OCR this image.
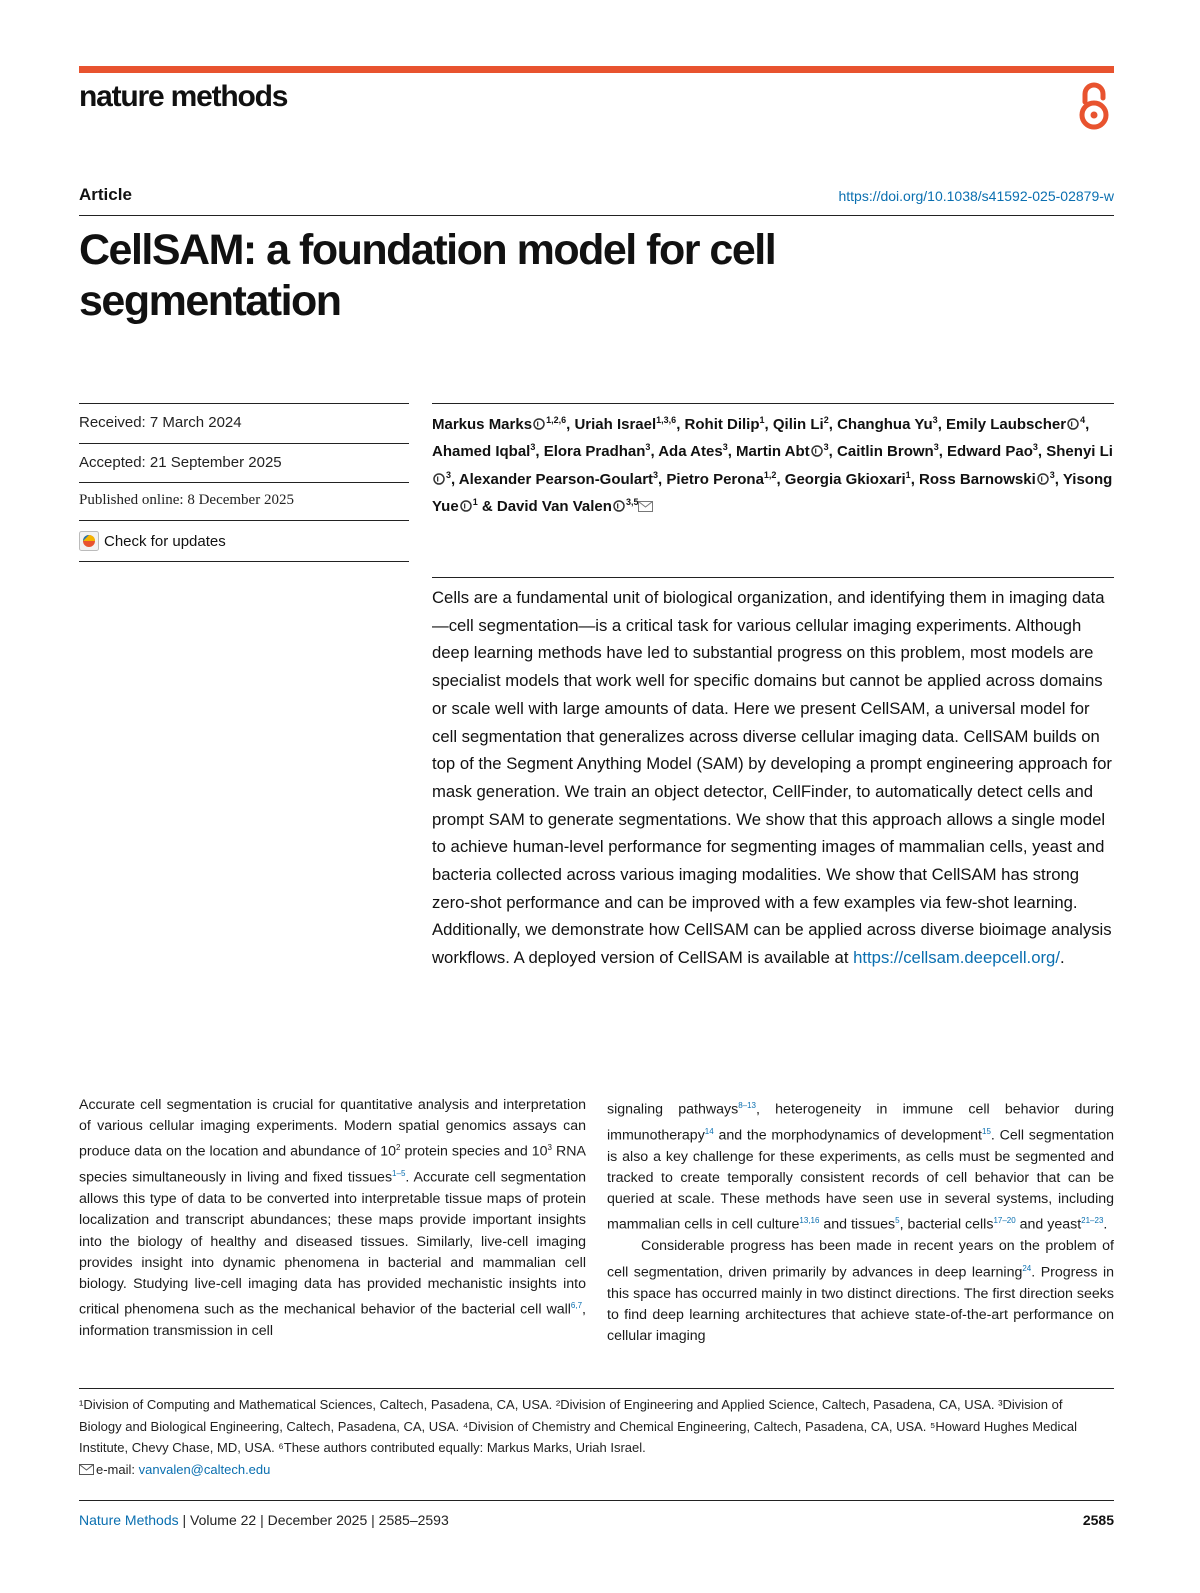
nature methods
Article	https://doi.org/10.1038/s41592-025-02879-w
CellSAM: a foundation model for cell
segmentation
Received: 7 March 2024
Accepted: 21 September 2025
Published online: 8 December 2025
Check for updates
Markus Marks $^{1,2,6}$, Uriah Israel$^{1,3,6}$, Rohit Dilip$^1$, Qilin Li$^2$, Changhua Yu$^3$, Emily Laubscher $^4$, Ahamed Iqbal$^3$, Elora Pradhan$^3$, Ada Ates$^3$, Martin Abt $^3$, Caitlin Brown$^3$, Edward Pao$^3$, Shenyi Li$^3$, Alexander Pearson-Goulart$^3$, Pietro Perona$^{1,2}$, Georgia Gkioxari$^1$, Ross Barnowski $^3$, Yisong Yue $^1$ & David Van Valen $^{3,5}$
Cells are a fundamental unit of biological organization, and identifying them in imaging data—cell segmentation—is a critical task for various cellular imaging experiments. Although deep learning methods have led to substantial progress on this problem, most models are specialist models that work well for specific domains but cannot be applied across domains or scale well with large amounts of data. Here we present CellSAM, a universal model for cell segmentation that generalizes across diverse cellular imaging data. CellSAM builds on top of the Segment Anything Model (SAM) by developing a prompt engineering approach for mask generation. We train an object detector, CellFinder, to automatically detect cells and prompt SAM to generate segmentations. We show that this approach allows a single model to achieve human-level performance for segmenting images of mammalian cells, yeast and bacteria collected across various imaging modalities. We show that CellSAM has strong zero-shot performance and can be improved with a few examples via few-shot learning. Additionally, we demonstrate how CellSAM can be applied across diverse bioimage analysis workflows. A deployed version of CellSAM is available at https://cellsam.deepcell.org/.

Accurate cell segmentation is crucial for quantitative analysis and interpretation of various cellular imaging experiments. Modern spatial genomics assays can produce data on the location and abundance of $10^2$ protein species and $10^3$ RNA species simultaneously in living and fixed tissues$^{1-5}$. Accurate cell segmentation allows this type of data to be converted into interpretable tissue maps of protein localization and transcript abundances; these maps provide important insights into the biology of healthy and diseased tissues. Similarly, live-cell imaging provides insight into dynamic phenomena in bacterial and mammalian cell biology. Studying live-cell imaging data has provided mechanistic insights into critical phenomena such as the mechanical behavior of the bacterial cell wall$^{6,7}$, information transmission in cell

signaling pathways$^{8-13}$, heterogeneity in immune cell behavior during immunotherapy$^{14}$ and the morphodynamics of development$^{15}$. Cell segmentation is also a key challenge for these experiments, as cells must be segmented and tracked to create temporally consistent records of cell behavior that can be queried at scale. These methods have seen use in several systems, including mammalian cells in cell culture$^{13,16}$ and tissues$^5$, bacterial cells$^{17-20}$ and yeast$^{21-23}$.

Considerable progress has been made in recent years on the problem of cell segmentation, driven primarily by advances in deep learning$^{24}$. Progress in this space has occurred mainly in two distinct directions. The first direction seeks to find deep learning architectures that achieve state-of-the-art performance on cellular imaging

¹Division of Computing and Mathematical Sciences, Caltech, Pasadena, CA, USA. ²Division of Engineering and Applied Science, Caltech, Pasadena, CA, USA. ³Division of Biology and Biological Engineering, Caltech, Pasadena, CA, USA. ⁴Division of Chemistry and Chemical Engineering, Caltech, Pasadena, CA, USA. ⁵Howard Hughes Medical Institute, Chevy Chase, MD, USA. ⁶These authors contributed equally: Markus Marks, Uriah Israel.
e-mail: vanvalen@caltech.edu
Nature Methods | Volume 22 | December 2025 | 2585–2593	2585
